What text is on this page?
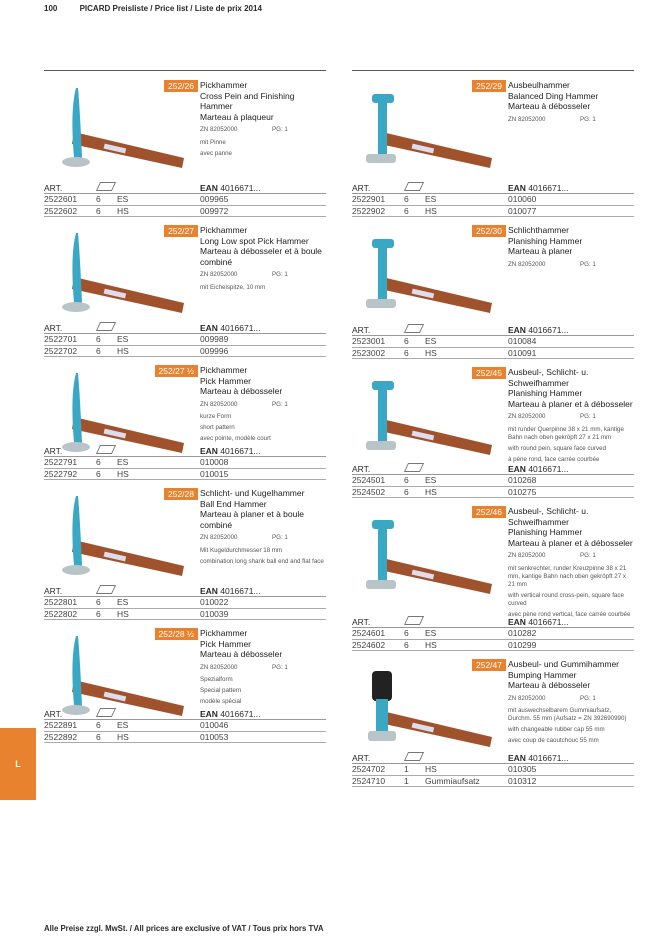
100	PICARD Preisliste / Price list / Liste de prix 2014
252/26 Pickhammer
Cross Pein and Finishing Hammer
Marteau à plaqueur
ZN 82052000	PG: 1
mit Pinne
avec panne
ART.	EAN 4016671...
2522601	6	ES	009965
2522602	6	HS	009972
252/27 Pickhammer
Long Low spot Pick Hammer
Marteau à débosseler et à boule combiné
ZN 82052000	PG: 1
mit Eichelspitze, 10 mm
ART.	EAN 4016671...
2522701	6	ES	009989
2522702	6	HS	009996
252/27 ½ Pickhammer
Pick Hammer
Marteau à débosseler
ZN 82052000	PG: 1
kurze Form
short pattern
avec pointe, modèle court
ART.	EAN 4016671...
2522791	6	ES	010008
2522792	6	HS	010015
252/28 Schlicht- und Kugelhammer
Ball End Hammer
Marteau à planer et à boule combiné
ZN 82052000	PG: 1
Mit Kugeldurchmesser 18 mm
combination long shank ball end and flat face
ART.	EAN 4016671...
2522801	6	ES	010022
2522802	6	HS	010039
252/28 ½ Pickhammer
Pick Hammer
Marteau à débosseler
ZN 82052000	PG: 1
Spezialform
Special pattern
modèle spécial
ART.	EAN 4016671...
2522891	6	ES	010046
2522892	6	HS	010053
252/29 Ausbeulhammer
Balanced Ding Hammer
Marteau à débosseler
ZN 82052000	PG: 1
ART.	EAN 4016671...
2522901	6	ES	010060
2522902	6	HS	010077
252/30 Schlichthammer
Planishing Hammer
Marteau à planer
ZN 82052000	PG: 1
ART.	EAN 4016671...
2523001	6	ES	010084
2523002	6	HS	010091
252/45 Ausbeul-, Schlicht- u. Schweifhammer
Planishing Hammer
Marteau à planer et à débosseler
ZN 82052000	PG: 1
mit runder Querpinne 38 x 21 mm, kantige Bahn nach oben gekröpft 27 x 21 mm
with round pein, square face curved
à pène rond, face carrée courbée
ART.	EAN 4016671...
2524501	6	ES	010268
2524502	6	HS	010275
252/46 Ausbeul-, Schlicht- u. Schweifhammer
Planishing Hammer
Marteau à planer et à débosseler
ZN 82052000	PG: 1
mit senkrechter, runder Kreuzpinne 38 x 21 mm, kantige Bahn nach oben gekröpft 27 x 21 mm
with vertical round cross-pein, square face curved
avec pène rond vertical, face carrée courbée
ART.	EAN 4016671...
2524601	6	ES	010282
2524602	6	HS	010299
252/47 Ausbeul- und Gummihammer
Bumping Hammer
Marteau à débosseler
ZN 82052000	PG: 1
mit auswechselbarem Gummiaufsatz, Durchm. 55 mm (Aufsatz = ZN 392690990)
with changeable rubber cap 55 mm
avec coup de caoutchouc 55 mm
ART.	EAN 4016671...
2524702	1	HS	010305
2524710	1	Gummiaufsatz	010312
L
Alle Preise zzgl. MwSt. / All prices are exclusive of VAT / Tous prix hors TVA
